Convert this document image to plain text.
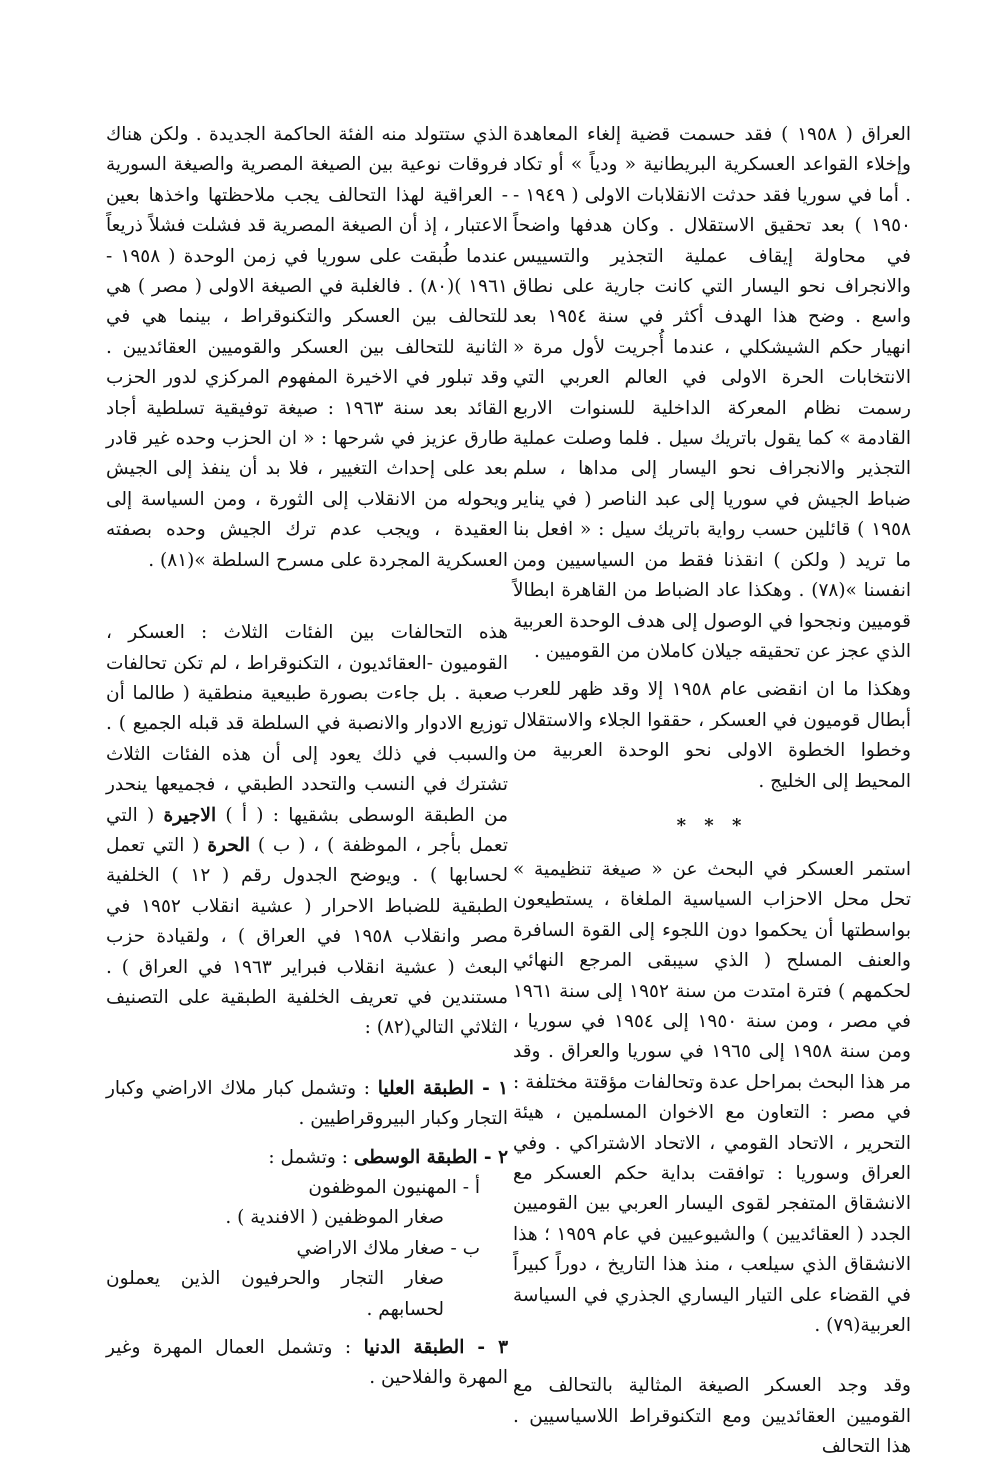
العراق ( ١٩٥٨ ) فقد حسمت قضية إلغاء المعاهدة وإخلاء القواعد العسكرية البريطانية « ودياً » أو تكاد . أما في سوريا فقد حدثت الانقلابات الاولى ( ١٩٤٩ - ١٩٥٠ ) بعد تحقيق الاستقلال . وكان هدفها واضحاً في محاولة إيقاف عملية التجذير والتسييس والانجراف نحو اليسار التي كانت جارية على نطاق واسع . وضح هذا الهدف أكثر في سنة ١٩٥٤ بعد انهيار حكم الشيشكلي ، عندما أُجريت لأول مرة « الانتخابات الحرة الاولى في العالم العربي التي رسمت نظام المعركة الداخلية للسنوات الاربع القادمة » كما يقول باتريك سيل . فلما وصلت عملية التجذير والانجراف نحو اليسار إلى مداها ، سلم ضباط الجيش في سوريا إلى عبد الناصر ( في يناير ١٩٥٨ ) قائلين حسب رواية باتريك سيل : « افعل بنا ما تريد ( ولكن ) انقذنا فقط من السياسيين ومن انفسنا »(٧٨) . وهكذا عاد الضباط من القاهرة ابطالاً قوميين ونجحوا في الوصول إلى هدف الوحدة العربية الذي عجز عن تحقيقه جيلان كاملان من القوميين .

وهكذا ما ان انقضى عام ١٩٥٨ إلا وقد ظهر للعرب أبطال قوميون في العسكر ، حققوا الجلاء والاستقلال وخطوا الخطوة الاولى نحو الوحدة العربية من المحيط إلى الخليج .

* * *

استمر العسكر في البحث عن « صيغة تنظيمية » تحل محل الاحزاب السياسية الملغاة ، يستطيعون بواسطتها أن يحكموا دون اللجوء إلى القوة السافرة والعنف المسلح ( الذي سيبقى المرجع النهائي لحكمهم ) فترة امتدت من سنة ١٩٥٢ إلى سنة ١٩٦١ في مصر ، ومن سنة ١٩٥٠ إلى ١٩٥٤ في سوريا ، ومن سنة ١٩٥٨ إلى ١٩٦٥ في سوريا والعراق . وقد مر هذا البحث بمراحل عدة وتحالفات مؤقتة مختلفة : في مصر : التعاون مع الاخوان المسلمين ، هيئة التحرير ، الاتحاد القومي ، الاتحاد الاشتراكي . وفي العراق وسوريا : توافقت بداية حكم العسكر مع الانشقاق المتفجر لقوى اليسار العربي بين القوميين الجدد ( العقائديين ) والشيوعيين في عام ١٩٥٩ ؛ هذا الانشقاق الذي سيلعب ، منذ هذا التاريخ ، دوراً كبيراً في القضاء على التيار اليساري الجذري في السياسة العربية(٧٩) .

وقد وجد العسكر الصيغة المثالية بالتحالف مع القوميين العقائديين ومع التكنوقراط اللاسياسيين . هذا التحالف

الذي ستتولد منه الفئة الحاكمة الجديدة . ولكن هناك فروقات نوعية بين الصيغة المصرية والصيغة السورية - العراقية لهذا التحالف يجب ملاحظتها واخذها بعين الاعتبار ، إذ أن الصيغة المصرية قد فشلت فشلاً ذريعاً عندما طُبقت على سوريا في زمن الوحدة ( ١٩٥٨ - ١٩٦١ )(٨٠) . فالغلبة في الصيغة الاولى ( مصر ) هي للتحالف بين العسكر والتكنوقراط ، بينما هي في الثانية للتحالف بين العسكر والقوميين العقائديين . وقد تبلور في الاخيرة المفهوم المركزي لدور الحزب القائد بعد سنة ١٩٦٣ : صيغة توفيقية تسلطية أجاد طارق عزيز في شرحها : « ان الحزب وحده غير قادر بعد على إحداث التغيير ، فلا بد أن ينفذ إلى الجيش ويحوله من الانقلاب إلى الثورة ، ومن السياسة إلى العقيدة ، ويجب عدم ترك الجيش وحده بصفته العسكرية المجردة على مسرح السلطة »(٨١) .

هذه التحالفات بين الفئات الثلاث : العسكر ، القوميون -العقائديون ، التكنوقراط ، لم تكن تحالفات صعبة . بل جاءت بصورة طبيعية منطقية ( طالما أن توزيع الادوار والانصبة في السلطة قد قبله الجميع ) . والسبب في ذلك يعود إلى أن هذه الفئات الثلاث تشترك في النسب والتحدد الطبقي ، فجميعها ينحدر من الطبقة الوسطى بشقيها : ( أ ) الاجيرة ( التي تعمل بأجر ، الموظفة ) ، ( ب ) الحرة ( التي تعمل لحسابها ) . ويوضح الجدول رقم ( ١٢ ) الخلفية الطبقية للضباط الاحرار ( عشية انقلاب ١٩٥٢ في مصر وانقلاب ١٩٥٨ في العراق ) ، ولقيادة حزب البعث ( عشية انقلاب فبراير ١٩٦٣ في العراق ) . مستندين في تعريف الخلفية الطبقية على التصنيف الثلاثي التالي(٨٢) :

١ - الطبقة العليا : وتشمل كبار ملاك الاراضي وكبار التجار وكبار البيروقراطيين .

٢ - الطبقة الوسطى : وتشمل :

أ - المهنيون الموظفون

صغار الموظفين ( الافندية ) .

ب - صغار ملاك الاراضي

صغار التجار والحرفيون الذين يعملون لحسابهم .

٣ - الطبقة الدنيا : وتشمل العمال المهرة وغير المهرة والفلاحين .
